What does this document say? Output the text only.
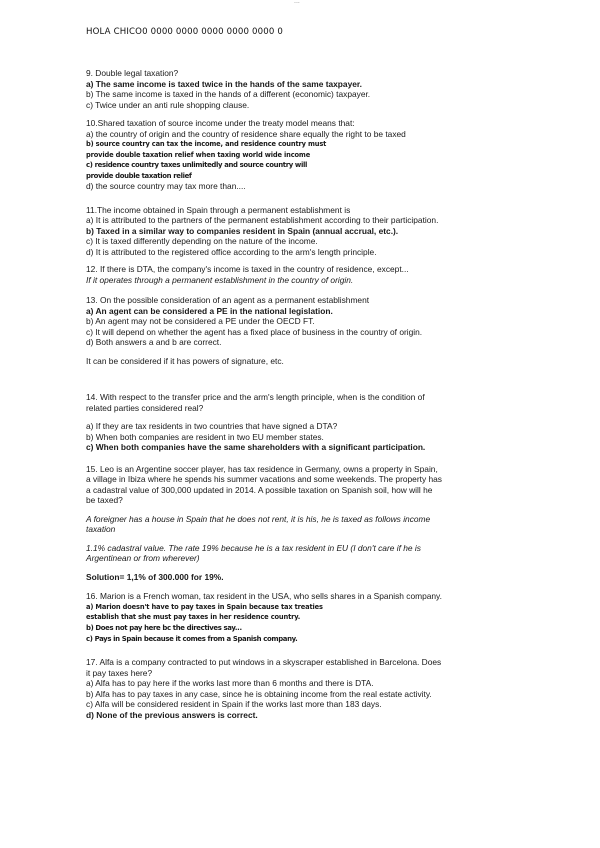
...
HOLA CHICO0 0000 0000 0000 0000 0000 0
9. Double legal taxation?
a) The same income is taxed twice in the hands of the same taxpayer.
b) The same income is taxed in the hands of a different (economic) taxpayer.
c) Twice under an anti rule shopping clause.
10.Shared taxation of source income under the treaty model means that:
a) the country of origin and the country of residence share equally the right to be taxed
b) source country can tax the income, and residence country must
provide double taxation relief when taxing world wide income
c) residence country taxes unlimitedly and source country will
provide double taxation relief
d) the source country may tax more than....
11.The income obtained in Spain through a permanent establishment is
a) It is attributed to the partners of the permanent establishment according to their participation.
b) Taxed in a similar way to companies resident in Spain (annual accrual, etc.).
c) It is taxed differently depending on the nature of the income.
d) It is attributed to the registered office according to the arm's length principle.
12. If there is DTA, the company's income is taxed in the country of residence, except...
If it operates through a permanent establishment in the country of origin.
13. On the possible consideration of an agent as a permanent establishment
a) An agent can be considered a PE in the national legislation.
b) An agent may not be considered a PE under the OECD FT.
c) It will depend on whether the agent has a fixed place of business in the country of origin.
d) Both answers a and b are correct.
It can be considered if it has powers of signature, etc.
14. With respect to the transfer price and the arm's length principle, when is the condition of
related parties considered real?
a) If they are tax residents in two countries that have signed a DTA?
b) When both companies are resident in two EU member states.
c) When both companies have the same shareholders with a significant participation.
15. Leo is an Argentine soccer player, has tax residence in Germany, owns a property in Spain,
a village in Ibiza where he spends his summer vacations and some weekends. The property has
a cadastral value of 300,000 updated in 2014. A possible taxation on Spanish soil, how will he
be taxed?
A foreigner has a house in Spain that he does not rent, it is his, he is taxed as follows income
taxation
1.1% cadastral value. The rate 19% because he is a tax resident in EU (I don't care if he is
Argentinean or from wherever)
Solution= 1,1% of 300.000 for 19%.
16. Marion is a French woman, tax resident in the USA, who sells shares in a Spanish company.
a) Marion doesn't have to pay taxes in Spain because tax treaties
establish that she must pay taxes in her residence country.
b) Does not pay here bc the directives say...
c) Pays in Spain because it comes from a Spanish company.
17. Alfa is a company contracted to put windows in a skyscraper established in Barcelona. Does
it pay taxes here?
a) Alfa has to pay here if the works last more than 6 months and there is DTA.
b) Alfa has to pay taxes in any case, since he is obtaining income from the real estate activity.
c) Alfa will be considered resident in Spain if the works last more than 183 days.
d) None of the previous answers is correct.
